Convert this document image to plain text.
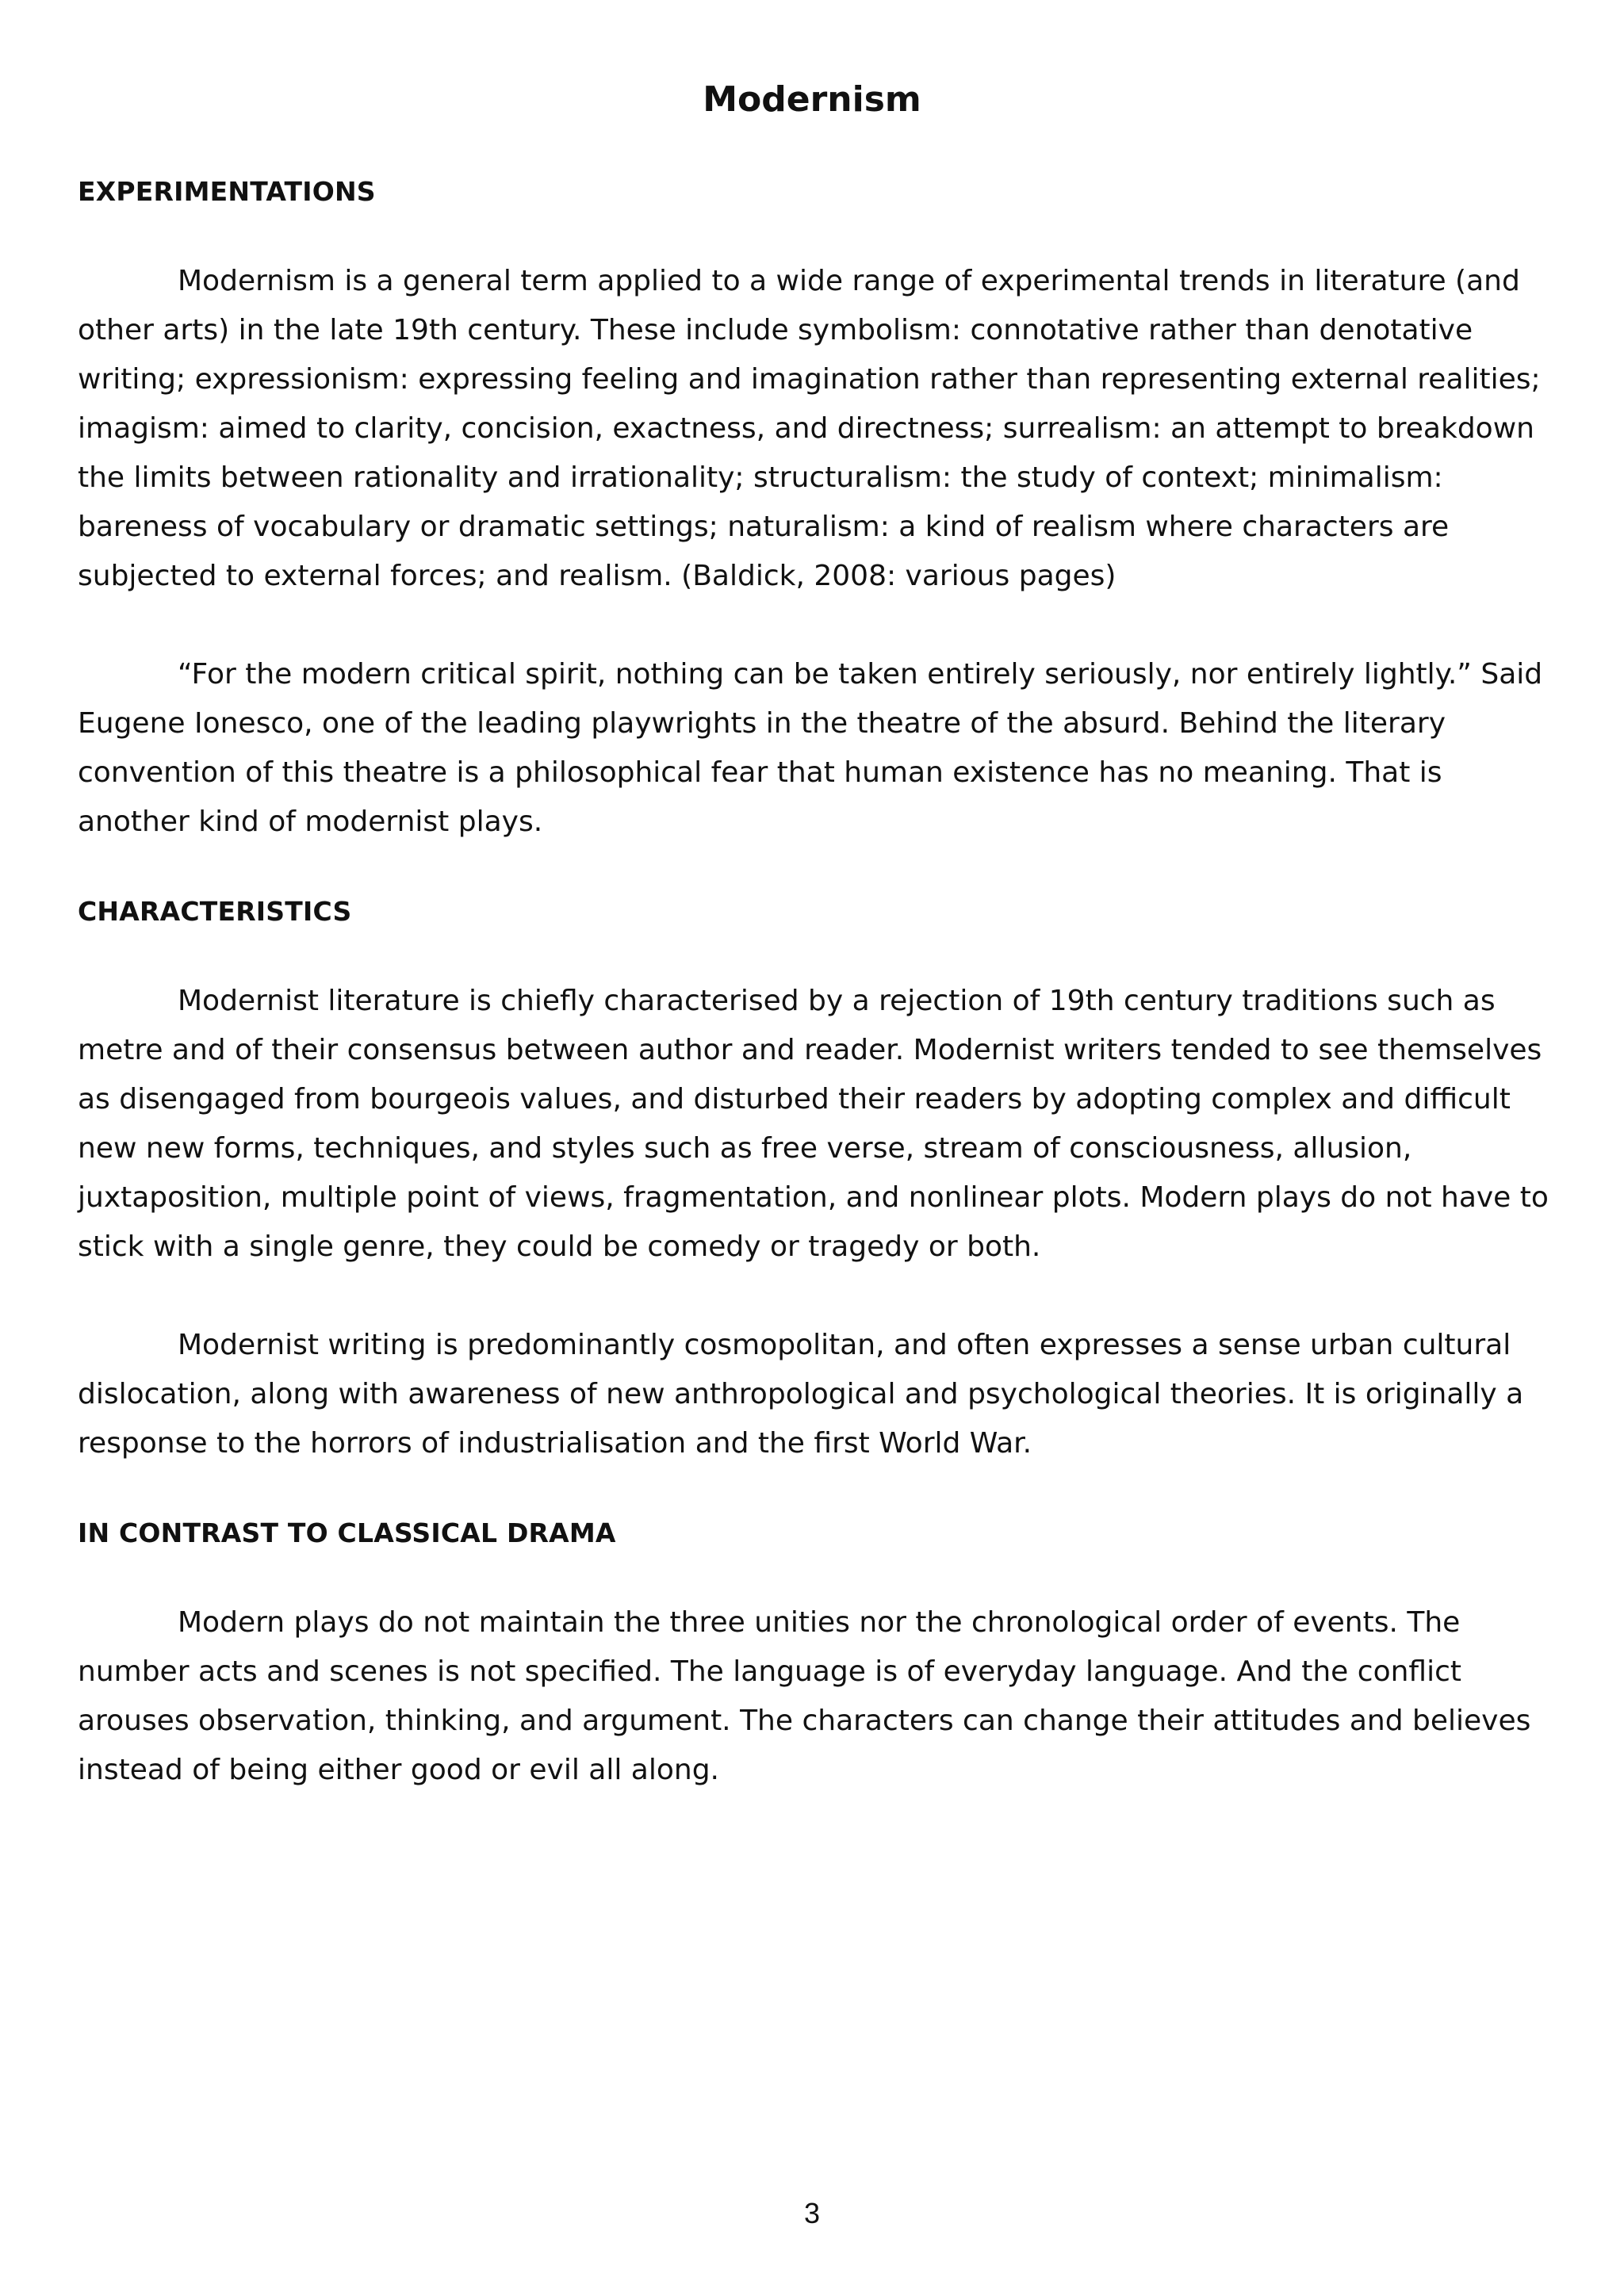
Modernism
EXPERIMENTATIONS

Modernism is a general term applied to a wide range of experimental trends in literature (and other arts) in the late 19th century. These include symbolism: connotative rather than denotative writing; expressionism: expressing feeling and imagination rather than representing external realities; imagism: aimed to clarity, concision, exactness, and directness; surrealism: an attempt to breakdown the limits between rationality and irrationality; structuralism: the study of context; minimalism: bareness of vocabulary or dramatic settings; naturalism: a kind of realism where characters are subjected to external forces; and realism. (Baldick, 2008: various pages)

“For the modern critical spirit, nothing can be taken entirely seriously, nor entirely lightly.” Said Eugene Ionesco, one of the leading playwrights in the theatre of the absurd. Behind the literary convention of this theatre is a philosophical fear that human existence has no meaning. That is another kind of modernist plays.

CHARACTERISTICS

Modernist literature is chiefly characterised by a rejection of 19th century traditions such as metre and of their consensus between author and reader. Modernist writers tended to see themselves as disengaged from bourgeois values, and disturbed their readers by adopting complex and difficult new new forms, techniques, and styles such as free verse, stream of consciousness, allusion, juxtaposition, multiple point of views, fragmentation, and nonlinear plots. Modern plays do not have to stick with a single genre, they could be comedy or tragedy or both.

Modernist writing is predominantly cosmopolitan, and often expresses a sense urban cultural dislocation, along with awareness of new anthropological and psychological theories. It is originally a response to the horrors of industrialisation and the first World War.

IN CONTRAST TO CLASSICAL DRAMA

Modern plays do not maintain the three unities nor the chronological order of events. The number acts and scenes is not specified. The language is of everyday language. And the conflict arouses observation, thinking, and argument. The characters can change their attitudes and believes instead of being either good or evil all along.

3
